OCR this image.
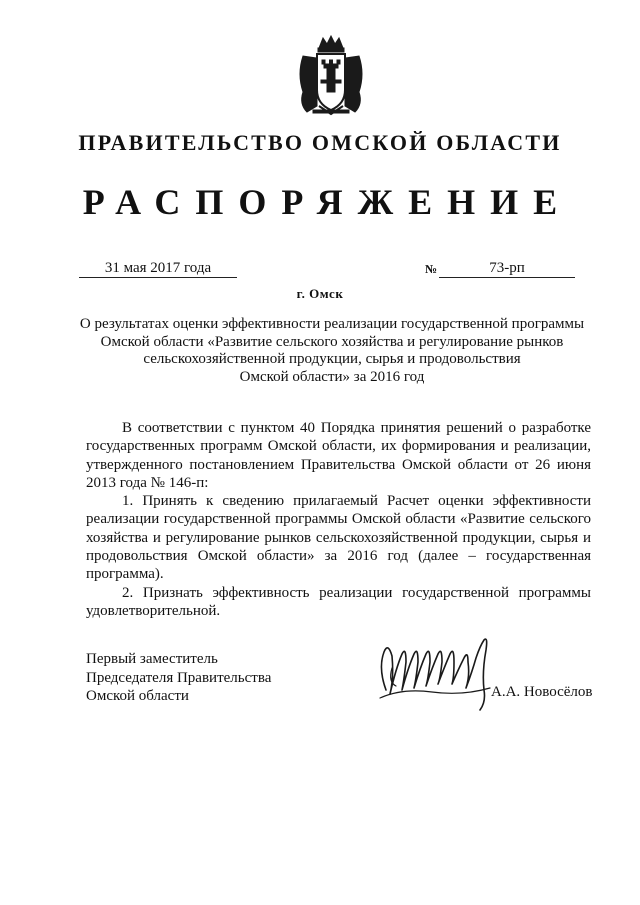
ПРАВИТЕЛЬСТВО ОМСКОЙ ОБЛАСТИ
РАСПОРЯЖЕНИЕ
31 мая 2017 года	№	73-рп
г. Омск
О результатах оценки эффективности реализации государственной программы
Омской области «Развитие сельского хозяйства и регулирование рынков
сельскохозяйственной продукции, сырья и продовольствия
Омской области» за 2016 год

В соответствии с пунктом 40 Порядка принятия решений о разработке государственных программ Омской области, их формирования и реализации, утвержденного постановлением Правительства Омской области от 26 июня 2013 года № 146-п:

1. Принять к сведению прилагаемый Расчет оценки эффективности реализации государственной программы Омской области «Развитие сельского хозяйства и регулирование рынков сельскохозяйственной продукции, сырья и продовольствия Омской области» за 2016 год (далее – государственная программа).

2. Признать эффективность реализации государственной программы удовлетворительной.

Первый заместитель
Председателя Правительства
Омской области	А.А. Новосёлов
